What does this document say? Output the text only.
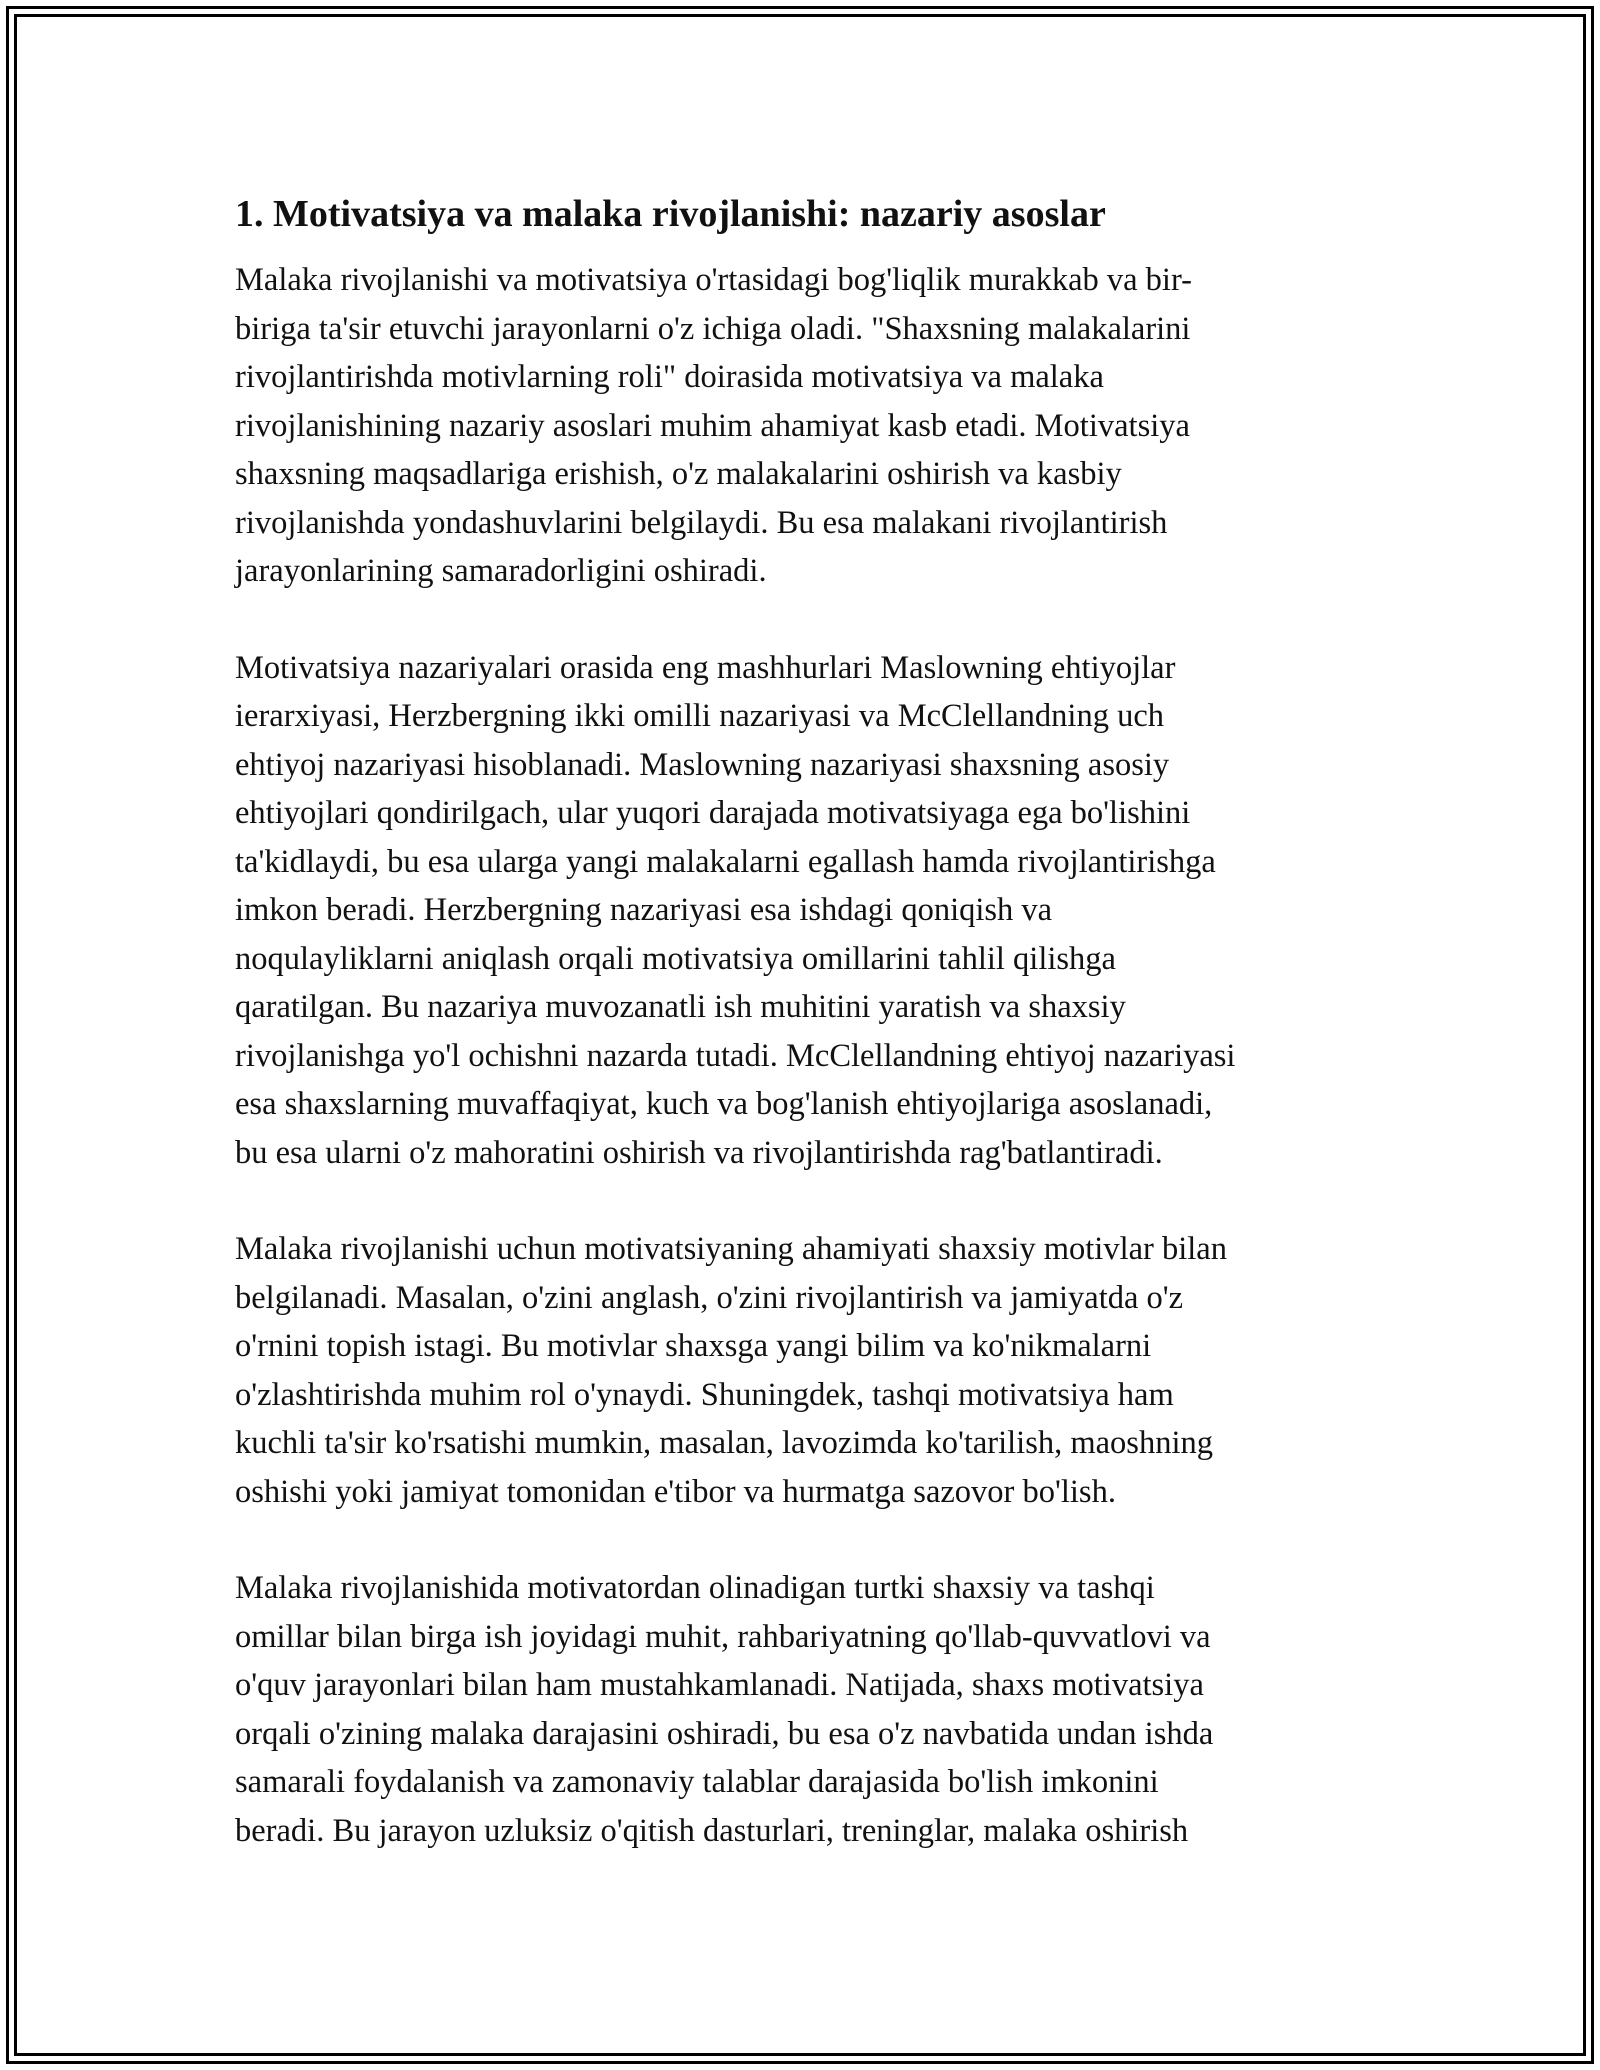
1. Motivatsiya va malaka rivojlanishi: nazariy asoslar

Malaka rivojlanishi va motivatsiya o'rtasidagi bog'liqlik murakkab va bir-
biriga ta'sir etuvchi jarayonlarni o'z ichiga oladi. "Shaxsning malakalarini
rivojlantirishda motivlarning roli" doirasida motivatsiya va malaka
rivojlanishining nazariy asoslari muhim ahamiyat kasb etadi. Motivatsiya
shaxsning maqsadlariga erishish, o'z malakalarini oshirish va kasbiy
rivojlanishda yondashuvlarini belgilaydi. Bu esa malakani rivojlantirish
jarayonlarining samaradorligini oshiradi.

Motivatsiya nazariyalari orasida eng mashhurlari Maslowning ehtiyojlar
ierarxiyasi, Herzbergning ikki omilli nazariyasi va McClellandning uch
ehtiyoj nazariyasi hisoblanadi. Maslowning nazariyasi shaxsning asosiy
ehtiyojlari qondirilgach, ular yuqori darajada motivatsiyaga ega bo'lishini
ta'kidlaydi, bu esa ularga yangi malakalarni egallash hamda rivojlantirishga
imkon beradi. Herzbergning nazariyasi esa ishdagi qoniqish va
noqulayliklarni aniqlash orqali motivatsiya omillarini tahlil qilishga
qaratilgan. Bu nazariya muvozanatli ish muhitini yaratish va shaxsiy
rivojlanishga yo'l ochishni nazarda tutadi. McClellandning ehtiyoj nazariyasi
esa shaxslarning muvaffaqiyat, kuch va bog'lanish ehtiyojlariga asoslanadi,
bu esa ularni o'z mahoratini oshirish va rivojlantirishda rag'batlantiradi.

Malaka rivojlanishi uchun motivatsiyaning ahamiyati shaxsiy motivlar bilan
belgilanadi. Masalan, o'zini anglash, o'zini rivojlantirish va jamiyatda o'z
o'rnini topish istagi. Bu motivlar shaxsga yangi bilim va ko'nikmalarni
o'zlashtirishda muhim rol o'ynaydi. Shuningdek, tashqi motivatsiya ham
kuchli ta'sir ko'rsatishi mumkin, masalan, lavozimda ko'tarilish, maoshning
oshishi yoki jamiyat tomonidan e'tibor va hurmatga sazovor bo'lish.

Malaka rivojlanishida motivatordan olinadigan turtki shaxsiy va tashqi
omillar bilan birga ish joyidagi muhit, rahbariyatning qo'llab-quvvatlovi va
o'quv jarayonlari bilan ham mustahkamlanadi. Natijada, shaxs motivatsiya
orqali o'zining malaka darajasini oshiradi, bu esa o'z navbatida undan ishda
samarali foydalanish va zamonaviy talablar darajasida bo'lish imkonini
beradi. Bu jarayon uzluksiz o'qitish dasturlari, treninglar, malaka oshirish
